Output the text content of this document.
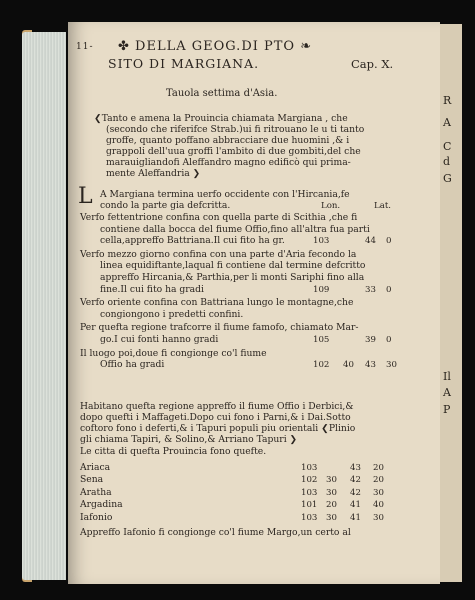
11- ✤ DELLA GEOG.DI PTO ❧
SITO DI MARGIANA.	Cap. X.
Tauola settima d'Asia.
❮Tanto e amena la Prouincia chiamata Margiana , che
(secondo che riferifce Strab.)ui fi ritrouano le u ti tanto
groffe, quanto poffano abbracciare due huomini ,& i
grappoli dell'uua groffi l'ambito di due gombiti,del che
marauigliandofi Aleffandro magno edificò qui prima-
mente Aleffandria ❯
L A Margiana termina uerfo occidente con l'Hircania,fe
condo la parte gia defcritta.	Lon.	Lat.
Verfo fettentrione confina con quella parte di Scithia ,che fi
contiene dalla bocca del fiume Offio,fino all'altra fua parti
cella,appreffo Battriana.Il cui fito ha gr.	103	44 0
Verfo mezzo giorno confina con una parte d'Aria fecondo la
linea equidiftante,laqual fi contiene dal termine defcritto
appreffo Hircania,& Parthia,per li monti Sariphi fino alla
fine.Il cui fito ha gradi	109	33 0
Verfo oriente confina con Battriana lungo le montagne,che
congiongono i predetti confini.
Per quefta regione trafcorre il fiume famofo, chiamato Mar-
go.I cui fonti hanno gradi	105	39 0
Il luogo poi,doue fi congionge co'l fiume
Offio ha gradi	102 40 43 30
Habitano quefta regione appreffo il fiume Offio i Derbici,&
dopo quefti i Maffageti.Dopo cui fono i Parni,& i Dai.Sotto
coftoro fono i deferti,& i Tapuri populi piu orientali ❮Plinio
gli chiama Tapiri, & Solino,& Arriano Tapuri ❯
Le citta di quefta Prouincia fono quefte.
Ariaca	103	43 20
Sena	102 30 42 20
Aratha	103 30 42 30
Argadina	101 20 41 40
Iafonio	103 30 41 30
Appreffo Iafonio fi congionge co'l fiume Margo,un certo al
R
A
C
d
G
Il
A
P
